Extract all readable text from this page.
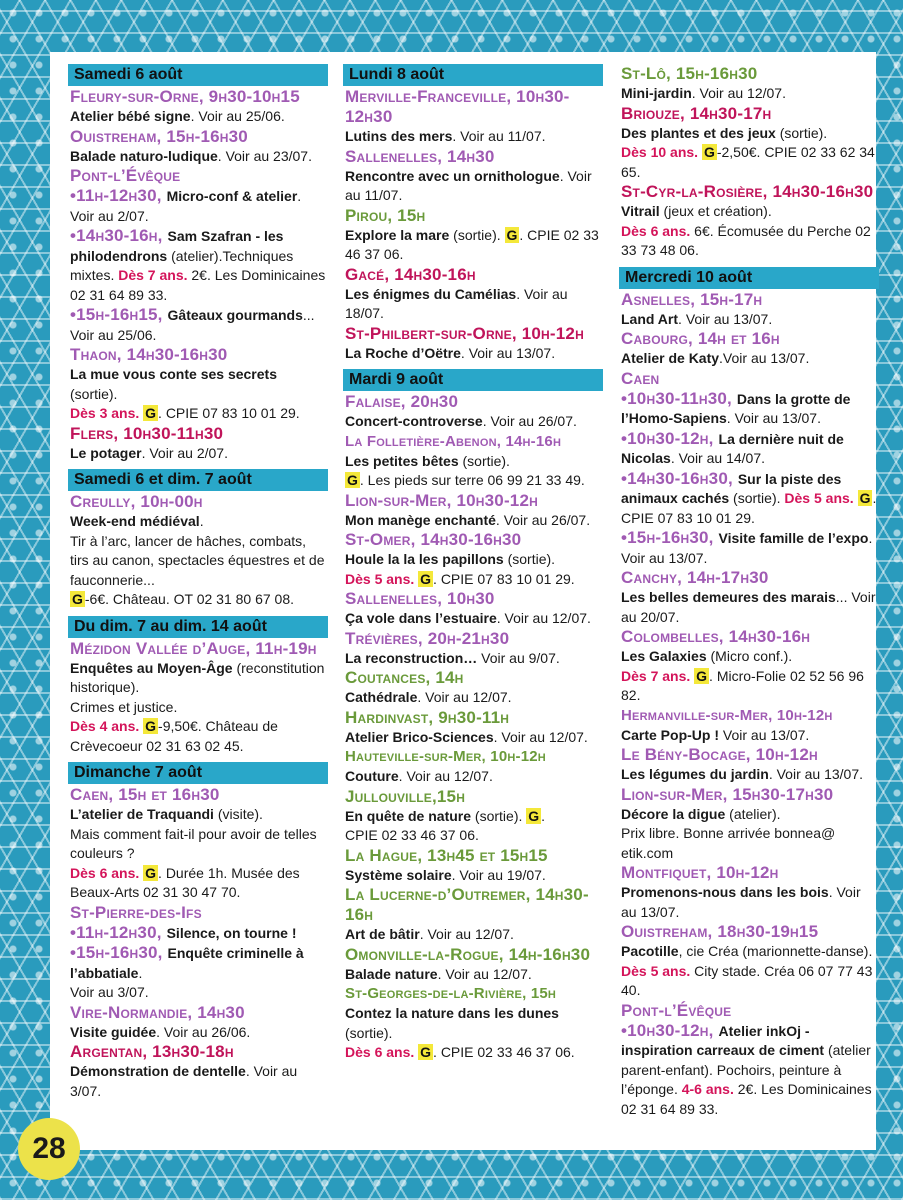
Samedi 6 août
Fleury-sur-Orne, 9h30-10h15
Atelier bébé signe. Voir au 25/06.
Ouistreham, 15h-16h30
Balade naturo-ludique. Voir au 23/07.
Pont-l’Évêque
•11h-12h30, Micro-conf & atelier. Voir au 2/07.
•14h30-16h, Sam Szafran - les philodendrons (atelier).Techniques mixtes. Dès 7 ans. 2€. Les Dominicaines 02 31 64 89 33.
•15h-16h15, Gâteaux gourmands... Voir au 25/06.
Thaon, 14h30-16h30
La mue vous conte ses secrets (sortie).
Dès 3 ans. G . CPIE 07 83 10 01 29.
Flers, 10h30-11h30
Le potager. Voir au 2/07.
Samedi 6 et dim. 7 août
Creully, 10h-00h
Week-end médiéval.
Tir à l’arc, lancer de hâches, combats, tirs au canon, spectacles équestres et de fauconnerie...
G -6€. Château. OT 02 31 80 67 08.
Du dim. 7 au dim. 14 août
Mézidon Vallée d’Auge, 11h-19h
Enquêtes au Moyen-Âge (reconstitution historique).
Crimes et justice.
Dès 4 ans. G -9,50€. Château de Crèvecoeur 02 31 63 02 45.
Dimanche 7 août
Caen, 15h et 16h30
L’atelier de Traquandi (visite).
Mais comment fait-il pour avoir de telles couleurs ?
Dès 6 ans. G . Durée 1h. Musée des Beaux-Arts 02 31 30 47 70.
St-Pierre-des-Ifs
•11h-12h30, Silence, on tourne !
•15h-16h30, Enquête criminelle à l’abbatiale.
Voir au 3/07.
Vire-Normandie, 14h30
Visite guidée. Voir au 26/06.
Argentan, 13h30-18h
Démonstration de dentelle. Voir au 3/07.
Lundi 8 août
Merville-Franceville, 10h30-12h30
Lutins des mers. Voir au 11/07.
Sallenelles, 14h30
Rencontre avec un ornithologue. Voir au 11/07.
Pirou, 15h
Explore la mare (sortie). G . CPIE 02 33 46 37 06.
Gacé, 14h30-16h
Les énigmes du Camélias. Voir au 18/07.
St-Philbert-sur-Orne, 10h-12h
La Roche d’Oëtre. Voir au 13/07.
Mardi 9 août
Falaise, 20h30
Concert-controverse. Voir au 26/07.
La Folletière-Abenon, 14h-16h
Les petites bêtes (sortie).
G . Les pieds sur terre 06 99 21 33 49.
Lion-sur-Mer, 10h30-12h
Mon manège enchanté. Voir au 26/07.
St-Omer, 14h30-16h30
Houle la la les papillons (sortie).
Dès 5 ans. G . CPIE 07 83 10 01 29.
Sallenelles, 10h30
Ça vole dans l’estuaire. Voir au 12/07.
Trévières, 20h-21h30
La reconstruction… Voir au 9/07.
Coutances, 14h
Cathédrale. Voir au 12/07.
Hardinvast, 9h30-11h
Atelier Brico-Sciences. Voir au 12/07.
Hauteville-sur-Mer, 10h-12h
Couture. Voir au 12/07.
Jullouville,15h
En quête de nature (sortie). G .
CPIE 02 33 46 37 06.
La Hague, 13h45 et 15h15
Système solaire. Voir au 19/07.
La Lucerne-d’Outremer, 14h30-16h
Art de bâtir. Voir au 12/07.
Omonville-la-Rogue, 14h-16h30
Balade nature. Voir au 12/07.
St-Georges-de-la-Rivière, 15h
Contez la nature dans les dunes (sortie).
Dès 6 ans. G . CPIE 02 33 46 37 06.
St-Lô, 15h-16h30
Mini-jardin. Voir au 12/07.
Briouze, 14h30-17h
Des plantes et des jeux (sortie).
Dès 10 ans. G -2,50€. CPIE 02 33 62 34 65.
St-Cyr-la-Rosière, 14h30-16h30
Vitrail (jeux et création).
Dès 6 ans. 6€. Écomusée du Perche 02 33 73 48 06.
Mercredi 10 août
Asnelles, 15h-17h
Land Art. Voir au 13/07.
Cabourg, 14h et 16h
Atelier de Katy.Voir au 13/07.
Caen
•10h30-11h30, Dans la grotte de l’Homo-Sapiens. Voir au 13/07.
•10h30-12h, La dernière nuit de Nicolas. Voir au 14/07.
•14h30-16h30, Sur la piste des animaux cachés (sortie). Dès 5 ans. G . CPIE 07 83 10 01 29.
•15h-16h30, Visite famille de l’expo. Voir au 13/07.
Canchy, 14h-17h30
Les belles demeures des marais... Voir au 20/07.
Colombelles, 14h30-16h
Les Galaxies (Micro conf.).
Dès 7 ans. G . Micro-Folie 02 52 56 96 82.
Hermanville-sur-Mer, 10h-12h
Carte Pop-Up ! Voir au 13/07.
Le Bény-Bocage, 10h-12h
Les légumes du jardin. Voir au 13/07.
Lion-sur-Mer, 15h30-17h30
Décore la digue (atelier).
Prix libre. Bonne arrivée bonnea@ etik.com
Montfiquet, 10h-12h
Promenons-nous dans les bois. Voir au 13/07.
Ouistreham, 18h30-19h15
Pacotille, cie Créa (marionnette-danse).
Dès 5 ans. City stade. Créa 06 07 77 43 40.
Pont-l’Évêque
•10h30-12h, Atelier inkOj - inspiration carreaux de ciment (atelier parent-enfant). Pochoirs, peinture à l’éponge. 4-6 ans. 2€. Les Dominicaines 02 31 64 89 33.
28
